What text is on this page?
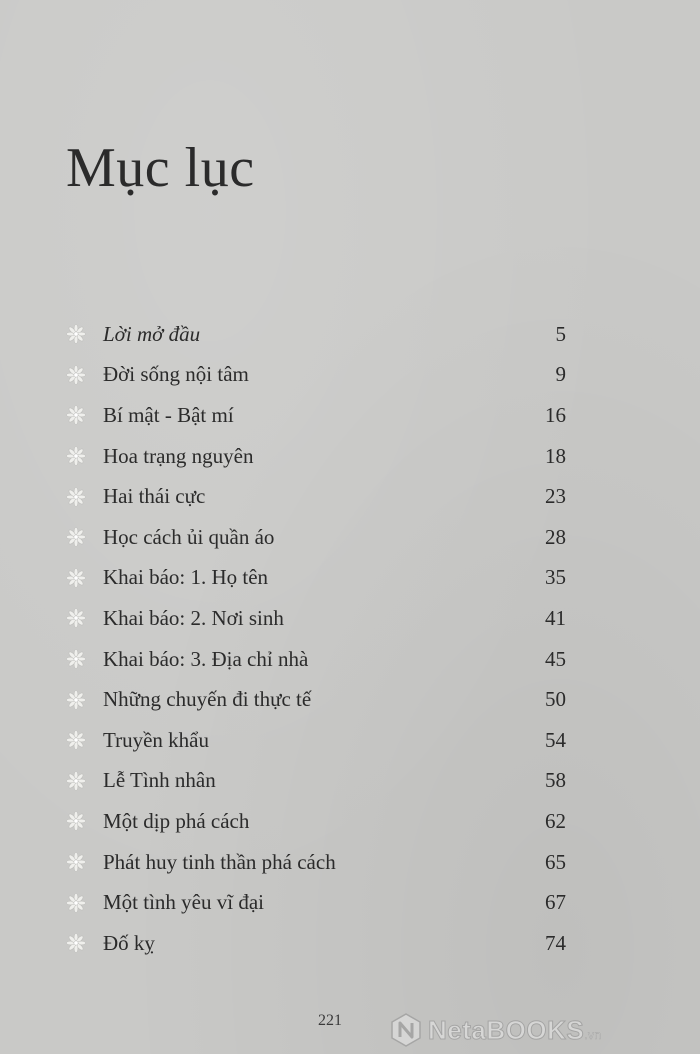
Mục lục
Lời mở đầu	5
Đời sống nội tâm	9
Bí mật - Bật mí	16
Hoa trạng nguyên	18
Hai thái cực	23
Học cách ủi quần áo	28
Khai báo: 1. Họ tên	35
Khai báo: 2. Nơi sinh	41
Khai báo: 3. Địa chỉ nhà	45
Những chuyến đi thực tế	50
Truyền khẩu	54
Lễ Tình nhân	58
Một dịp phá cách	62
Phát huy tinh thần phá cách	65
Một tình yêu vĩ đại	67
Đố kỵ	74
221	NetaBOOKS.vn
